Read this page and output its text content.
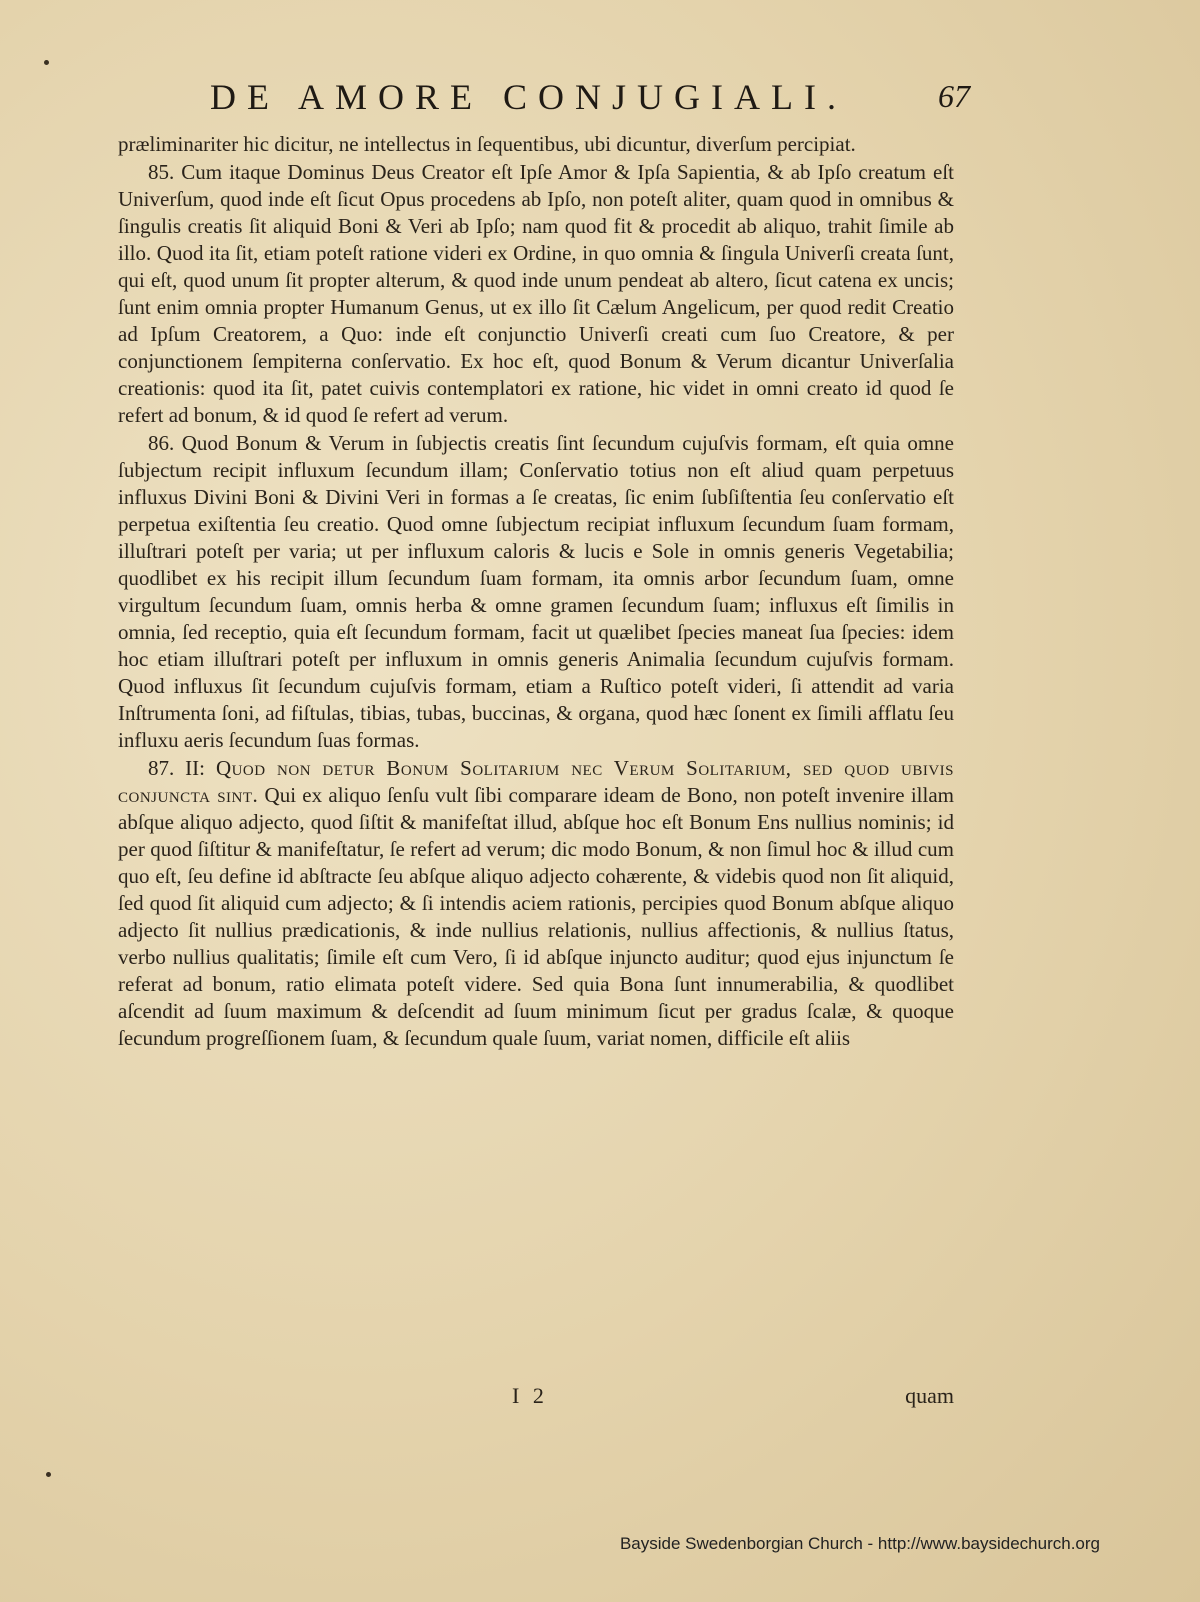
DE AMORE CONJUGIALI.	67

præliminariter hic dicitur, ne intellectus in ſequentibus, ubi dicuntur, diverſum percipiat.

85. Cum itaque Dominus Deus Creator eſt Ipſe Amor & Ipſa Sapientia, & ab Ipſo creatum eſt Univerſum, quod inde eſt ſicut Opus procedens ab Ipſo, non poteſt aliter, quam quod in omnibus & ſingulis creatis ſit aliquid Boni & Veri ab Ipſo; nam quod fit & procedit ab aliquo, trahit ſimile ab illo. Quod ita ſit, etiam poteſt ratione videri ex Ordine, in quo omnia & ſingula Univerſi creata ſunt, qui eſt, quod unum ſit propter alterum, & quod inde unum pendeat ab altero, ſicut catena ex uncis; ſunt enim omnia propter Humanum Genus, ut ex illo ſit Cælum Angelicum, per quod redit Creatio ad Ipſum Creatorem, a Quo: inde eſt conjunctio Univerſi creati cum ſuo Creatore, & per conjunctionem ſempiterna conſervatio. Ex hoc eſt, quod Bonum & Verum dicantur Univerſalia creationis: quod ita ſit, patet cuivis contemplatori ex ratione, hic videt in omni creato id quod ſe refert ad bonum, & id quod ſe refert ad verum.

86. Quod Bonum & Verum in ſubjectis creatis ſint ſecundum cujuſvis formam, eſt quia omne ſubjectum recipit influxum ſecundum illam; Conſervatio totius non eſt aliud quam perpetuus influxus Divini Boni & Divini Veri in formas a ſe creatas, ſic enim ſubſiſtentia ſeu conſervatio eſt perpetua exiſtentia ſeu creatio. Quod omne ſubjectum recipiat influxum ſecundum ſuam formam, illuſtrari poteſt per varia; ut per influxum caloris & lucis e Sole in omnis generis Vegetabilia; quodlibet ex his recipit illum ſecundum ſuam formam, ita omnis arbor ſecundum ſuam, omne virgultum ſecundum ſuam, omnis herba & omne gramen ſecundum ſuam; influxus eſt ſimilis in omnia, ſed receptio, quia eſt ſecundum formam, facit ut quælibet ſpecies maneat ſua ſpecies: idem hoc etiam illuſtrari poteſt per influxum in omnis generis Animalia ſecundum cujuſvis formam. Quod influxus ſit ſecundum cujuſvis formam, etiam a Ruſtico poteſt videri, ſi attendit ad varia Inſtrumenta ſoni, ad fiſtulas, tibias, tubas, buccinas, & organa, quod hæc ſonent ex ſimili afflatu ſeu influxu aeris ſecundum ſuas formas.

87. II: Quod non detur Bonum Solitarium nec Verum Solitarium, sed quod ubivis conjuncta sint. Qui ex aliquo ſenſu vult ſibi comparare ideam de Bono, non poteſt invenire illam abſque aliquo adjecto, quod ſiſtit & manifeſtat illud, abſque hoc eſt Bonum Ens nullius nominis; id per quod ſiſtitur & manifeſtatur, ſe refert ad verum; dic modo Bonum, & non ſimul hoc & illud cum quo eſt, ſeu define id abſtracte ſeu abſque aliquo adjecto cohærente, & videbis quod non ſit aliquid, ſed quod ſit aliquid cum adjecto; & ſi intendis aciem rationis, percipies quod Bonum abſque aliquo adjecto ſit nullius prædicationis, & inde nullius relationis, nullius affectionis, & nullius ſtatus, verbo nullius qualitatis; ſimile eſt cum Vero, ſi id abſque injuncto auditur; quod ejus injunctum ſe referat ad bonum, ratio elimata poteſt videre. Sed quia Bona ſunt innumerabilia, & quodlibet aſcendit ad ſuum maximum & deſcendit ad ſuum minimum ſicut per gradus ſcalæ, & quoque ſecundum progreſſionem ſuam, & ſecundum quale ſuum, variat nomen, difficile eſt aliis

I 2	quam
Bayside Swedenborgian Church - http://www.baysidechurch.org
